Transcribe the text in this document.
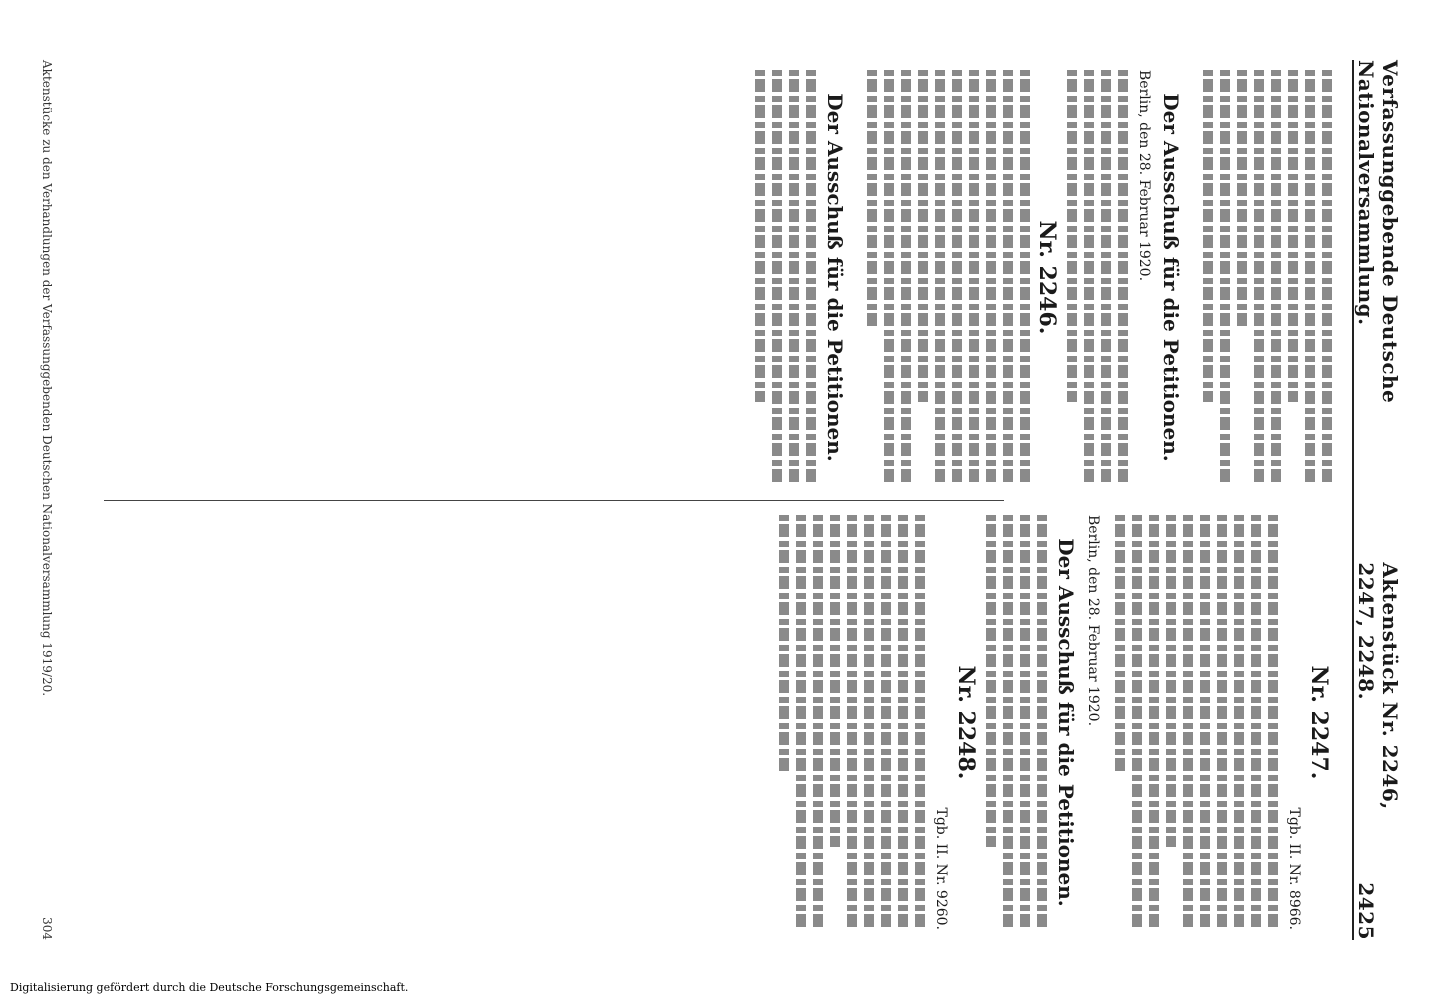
Verfassunggebende Deutsche Nationalversammlung.
Aktenstück Nr. 2246, 2247, 2248.
2425
Der Ausschuß für die Petitionen.
Berlin, den 28. Februar 1920.
Nr. 2246.
Der Ausschuß für die Petitionen.
Nr. 2247.
Tgb. II. Nr. 8966.
Berlin, den 28. Februar 1920.
Der Ausschuß für die Petitionen.
Nr. 2248.
Tgb. II. Nr. 9260.
Aktenstücke zu den Verhandlungen der Verfassunggebenden Deutschen Nationalversammlung 1919/20.
304
Digitalisierung gefördert durch die Deutsche Forschungsgemeinschaft.
